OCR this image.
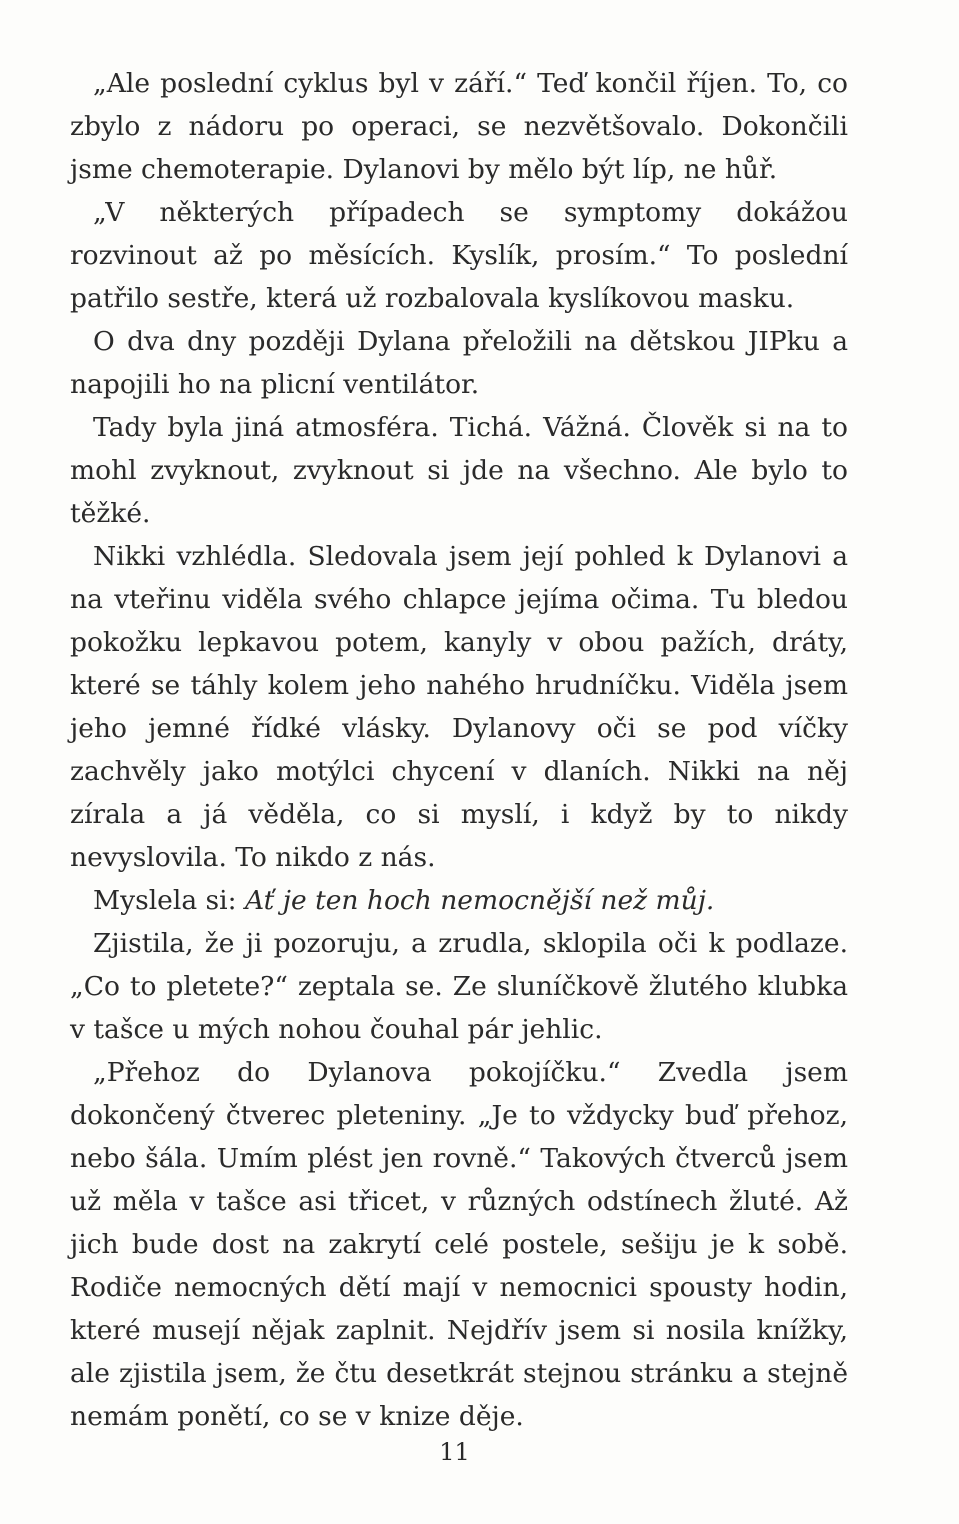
„Ale poslední cyklus byl v září.“ Teď končil říjen. To, co zbylo z nádoru po operaci, se nezvětšovalo. Dokončili jsme chemoterapie. Dylanovi by mělo být líp, ne hůř.

„V některých případech se symptomy dokážou rozvinout až po měsících. Kyslík, prosím.“ To poslední patřilo sestře, která už rozbalovala kyslíkovou masku.

O dva dny později Dylana přeložili na dětskou JIPku a napojili ho na plicní ventilátor.

Tady byla jiná atmosféra. Tichá. Vážná. Člověk si na to mohl zvyknout, zvyknout si jde na všechno. Ale bylo to těžké.

Nikki vzhlédla. Sledovala jsem její pohled k Dylanovi a na vteřinu viděla svého chlapce jejíma očima. Tu bledou pokožku lepkavou potem, kanyly v obou pažích, dráty, které se táhly kolem jeho nahého hrudníčku. Viděla jsem jeho jemné řídké vlásky. Dylanovy oči se pod víčky zachvěly jako motýlci chycení v dlaních. Nikki na něj zírala a já věděla, co si myslí, i když by to nikdy nevyslovila. To nikdo z nás.

Myslela si: Ať je ten hoch nemocnější než můj.

Zjistila, že ji pozoruju, a zrudla, sklopila oči k podlaze. „Co to pletete?“ zeptala se. Ze sluníčkově žlutého klubka v tašce u mých nohou čouhal pár jehlic.

„Přehoz do Dylanova pokojíčku.“ Zvedla jsem dokončený čtverec pleteniny. „Je to vždycky buď přehoz, nebo šála. Umím plést jen rovně.“ Takových čtverců jsem už měla v tašce asi třicet, v různých odstínech žluté. Až jich bude dost na zakrytí celé postele, sešiju je k sobě. Rodiče nemocných dětí mají v nemocnici spousty hodin, které musejí nějak zaplnit. Nejdřív jsem si nosila knížky, ale zjistila jsem, že čtu desetkrát stejnou stránku a stejně nemám ponětí, co se v knize děje.

11
